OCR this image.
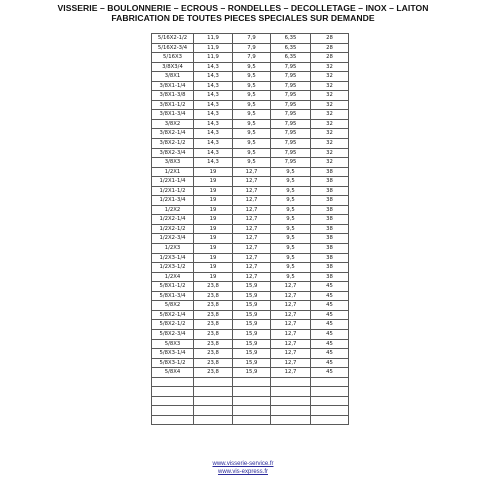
VISSERIE – BOULONNERIE – ECROUS – RONDELLES – DECOLLETAGE – INOX – LAITON
FABRICATION DE TOUTES PIECES SPECIALES SUR DEMANDE
5/16X2-1/2	11,9	7,9	6,35	28
5/16X2-3/4	11,9	7,9	6,35	28
5/16X3	11,9	7,9	6,35	28
3/8X3/4	14,3	9,5	7,95	32
3/8X1	14,3	9,5	7,95	32
3/8X1-1/4	14,3	9,5	7,95	32
3/8X1-3/8	14,3	9,5	7,95	32
3/8X1-1/2	14,3	9,5	7,95	32
3/8X1-3/4	14,3	9,5	7,95	32
3/8X2	14,3	9,5	7,95	32
3/8X2-1/4	14,3	9,5	7,95	32
3/8X2-1/2	14,3	9,5	7,95	32
3/8X2-3/4	14,3	9,5	7,95	32
3/8X3	14,3	9,5	7,95	32
1/2X1	19	12,7	9,5	38
1/2X1-1/4	19	12,7	9,5	38
1/2X1-1/2	19	12,7	9,5	38
1/2X1-3/4	19	12,7	9,5	38
1/2X2	19	12,7	9,5	38
1/2X2-1/4	19	12,7	9,5	38
1/2X2-1/2	19	12,7	9,5	38
1/2X2-3/4	19	12,7	9,5	38
1/2X3	19	12,7	9,5	38
1/2X3-1/4	19	12,7	9,5	38
1/2X3-1/2	19	12,7	9,5	38
1/2X4	19	12,7	9,5	38
5/8X1-1/2	23,8	15,9	12,7	45
5/8X1-3/4	23,8	15,9	12,7	45
5/8X2	23,8	15,9	12,7	45
5/8X2-1/4	23,8	15,9	12,7	45
5/8X2-1/2	23,8	15,9	12,7	45
5/8X2-3/4	23,8	15,9	12,7	45
5/8X3	23,8	15,9	12,7	45
5/8X3-1/4	23,8	15,9	12,7	45
5/8X3-1/2	23,8	15,9	12,7	45
5/8X4	23,8	15,9	12,7	45

www.visserie-service.fr
www.vis-express.fr
